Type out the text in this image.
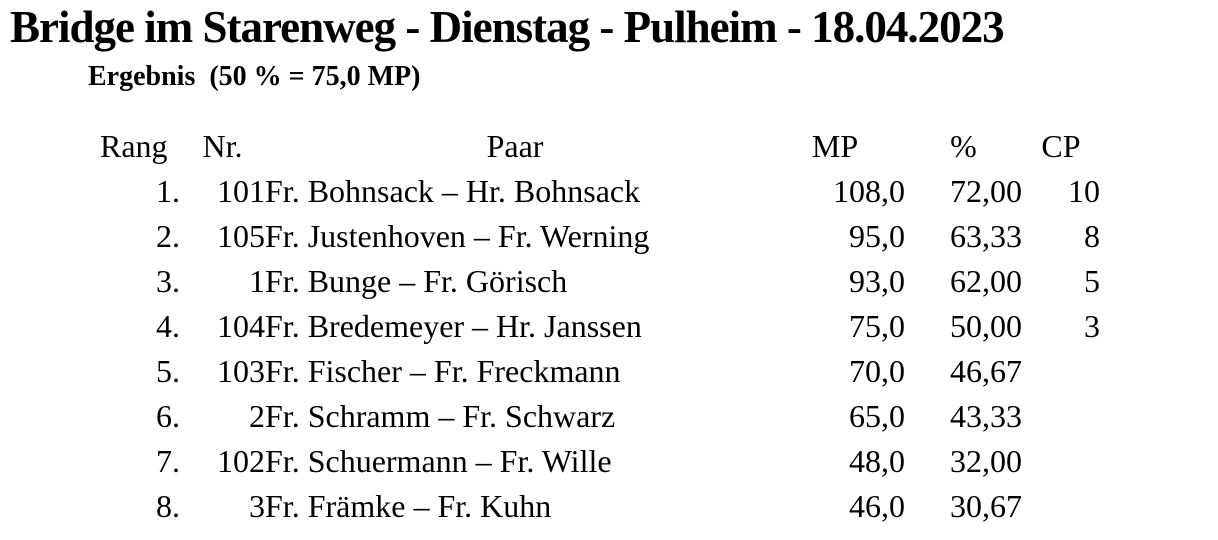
Bridge im Starenweg - Dienstag - Pulheim - 18.04.2023
Ergebnis  (50 % = 75,0 MP)
Rang	Nr.	Paar	MP	%	CP
1.	101	Fr. Bohnsack – Hr. Bohnsack	108,0	72,00	10
2.	105	Fr. Justenhoven – Fr. Werning	95,0	63,33	8
3.	1	Fr. Bunge – Fr. Görisch	93,0	62,00	5
4.	104	Fr. Bredemeyer – Hr. Janssen	75,0	50,00	3
5.	103	Fr. Fischer – Fr. Freckmann	70,0	46,67	
6.	2	Fr. Schramm – Fr. Schwarz	65,0	43,33	
7.	102	Fr. Schuermann – Fr. Wille	48,0	32,00	
8.	3	Fr. Främke – Fr. Kuhn	46,0	30,67	
